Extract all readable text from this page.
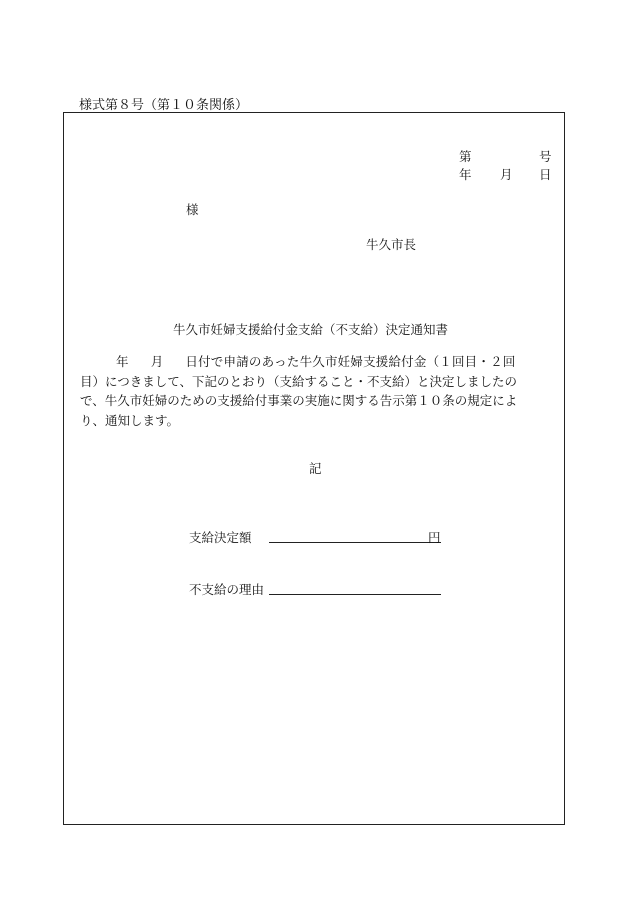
様式第８号（第１０条関係）
第	号
年 月 日
様
牛久市長
牛久市妊婦支援給付金支給（不支給）決定通知書
年 月 日付で申請のあった牛久市妊婦支援給付金（１回目・２回
目）につきまして、下記のとおり（支給すること・不支給）と決定しましたの
で、牛久市妊婦のための支援給付事業の実施に関する告示第１０条の規定によ
り、通知します。
記
支給決定額	円
不支給の理由
